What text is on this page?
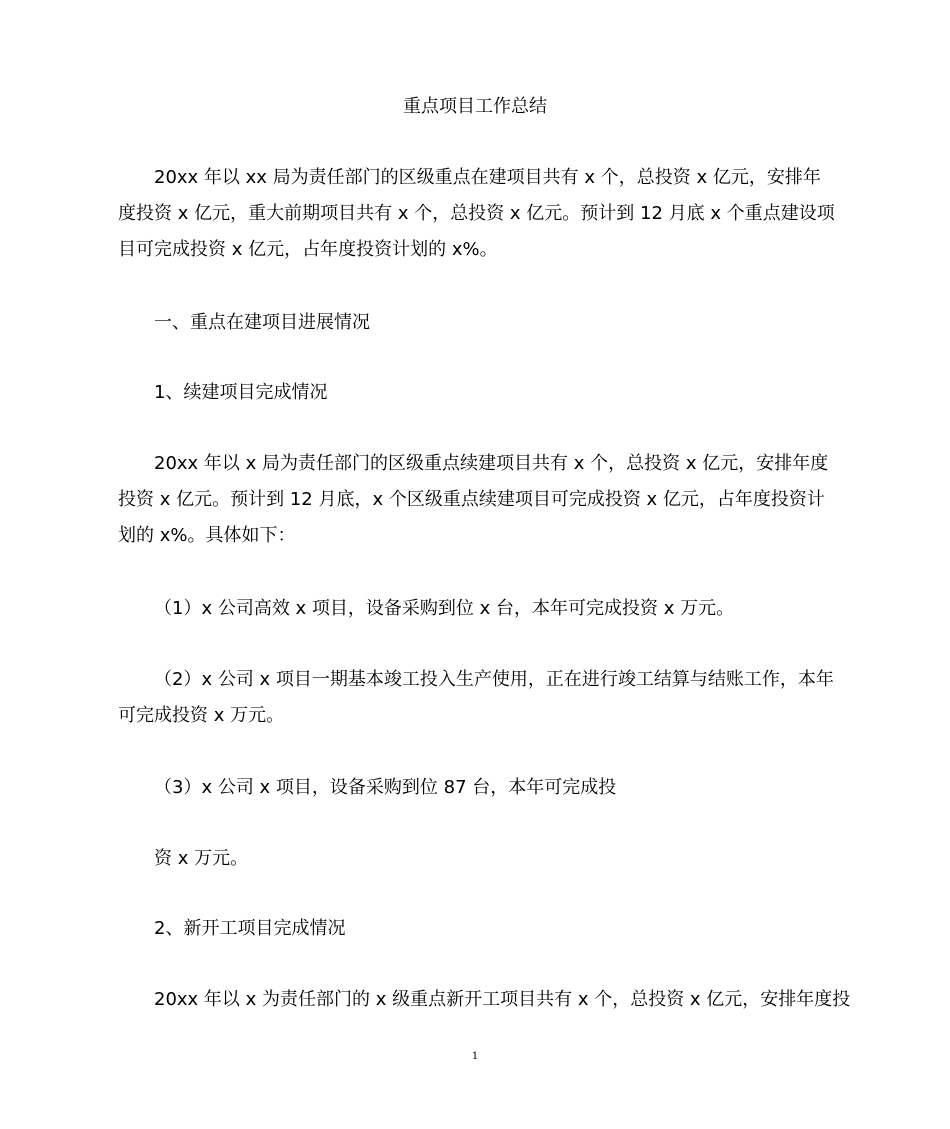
重点项目工作总结

20xx 年以 xx 局为责任部门的区级重点在建项目共有 x 个，总投资 x 亿元，安排年度投资 x 亿元，重大前期项目共有 x 个，总投资 x 亿元。预计到 12 月底 x 个重点建设项目可完成投资 x 亿元，占年度投资计划的 x%。

一、重点在建项目进展情况
1、续建项目完成情况

20xx 年以 x 局为责任部门的区级重点续建项目共有 x 个，总投资 x 亿元，安排年度投资 x 亿元。预计到 12 月底，x 个区级重点续建项目可完成投资 x 亿元，占年度投资计划的 x%。具体如下：

（1）x 公司高效 x 项目，设备采购到位 x 台，本年可完成投资 x 万元。

（2）x 公司 x 项目一期基本竣工投入生产使用，正在进行竣工结算与结账工作，本年可完成投资 x 万元。

（3）x 公司 x 项目，设备采购到位 87 台，本年可完成投
资 x 万元。
2、新开工项目完成情况
20xx 年以 x 为责任部门的 x 级重点新开工项目共有 x 个，总投资 x 亿元，安排年度投
1
